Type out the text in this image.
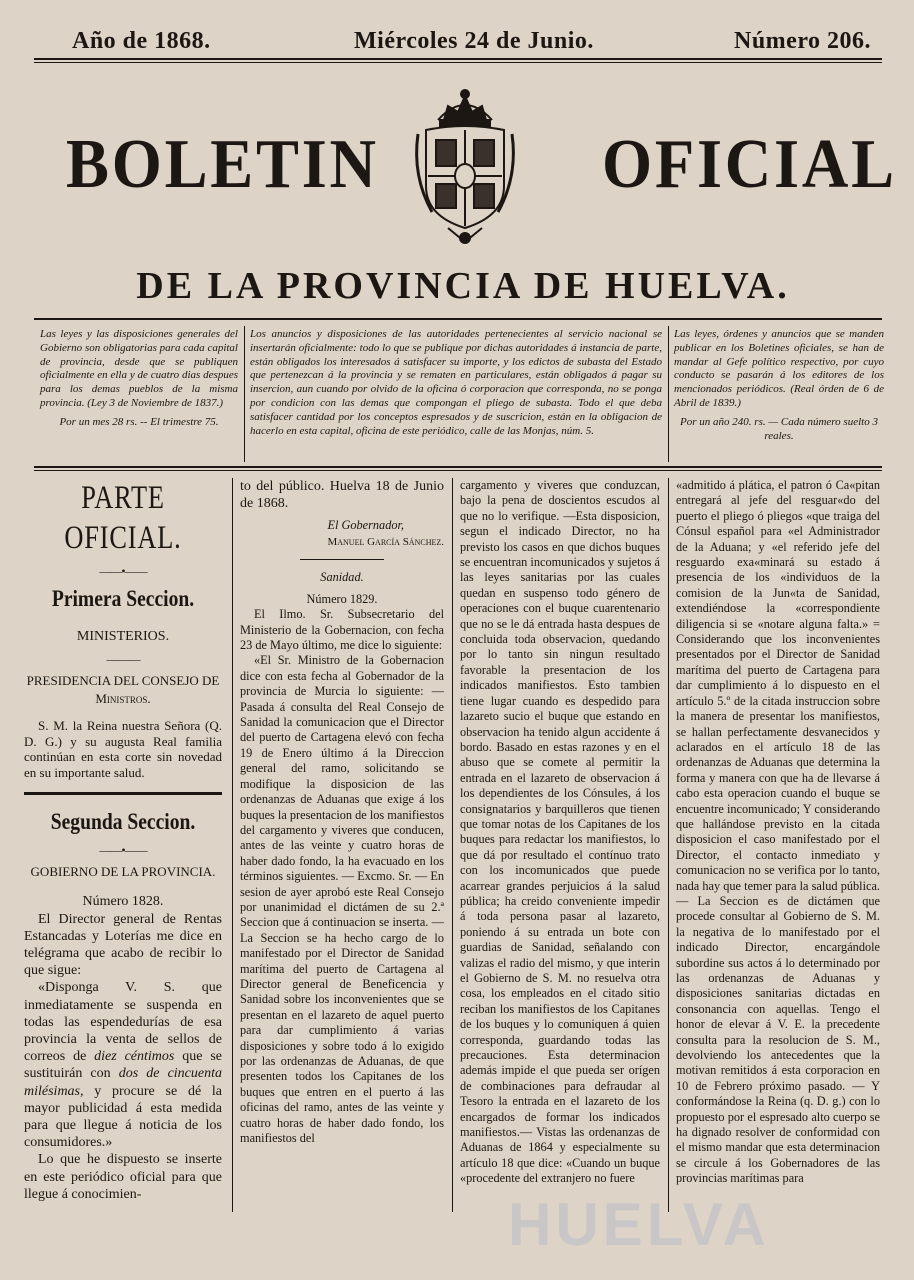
Año de 1868.	Miércoles 24 de Junio.	Número 206.
BOLETIN	OFICIAL
DE LA PROVINCIA DE HUELVA.

Las leyes y las disposiciones generales del Gobierno son obligatorias para cada capital de provincia, desde que se publiquen oficialmente en ella y de cuatro dias despues para los demas pueblos de la misma provincia. (Ley 3 de Noviembre de 1837.)

Por un mes 28 rs. -- El trimestre 75.

Los anuncios y disposiciones de las autoridades pertenecientes al servicio nacional se insertarán oficialmente: todo lo que se publique por dichas autoridades á instancia de parte, están obligados los interesados á satisfacer su importe, y los edictos de subasta del Estado que pertenezcan á la provincia y se rematen en particulares, están obligados á pagar su insercion, aun cuando por olvido de la oficina ó corporacion que corresponda, no se ponga por condicion con las demas que compongan el pliego de subasta. Todo el que deba satisfacer cantidad por los conceptos espresados y de suscricion, están en la obligacion de hacerlo en esta capital, oficina de este periódico, calle de las Monjas, núm. 5.

Las leyes, órdenes y anuncios que se manden publicar en los Boletines oficiales, se han de mandar al Gefe político respectivo, por cuyo conducto se pasarán á los editores de los mencionados periódicos. (Real órden de 6 de Abril de 1839.)

Por un año 240. rs. — Cada número suelto 3 reales.

PARTE OFICIAL.
——•——
Primera Seccion.

MINISTERIOS.

———

PRESIDENCIA DEL CONSEJO DE Ministros.

S. M. la Reina nuestra Señora (Q. D. G.) y su augusta Real familia continúan en esta corte sin novedad en su importante salud.

Segunda Seccion.
——•——

GOBIERNO DE LA PROVINCIA.

Número 1828.

El Director general de Rentas Estancadas y Loterías me dice en telégrama que acabo de recibir lo que sigue:

«Disponga V. S. que inmediatamente se suspenda en todas las espendedurías de esa provincia la venta de sellos de correos de diez céntimos que se sustituirán con dos de cincuenta milésimas, y procure se dé la mayor publicidad á esta medida para que llegue á noticia de los consumidores.»

Lo que he dispuesto se inserte en este periódico oficial para que llegue á conocimien-

to del público. Huelva 18 de Junio de 1868.

El Gobernador,

Manuel García Sánchez.

Sanidad.

Número 1829.

El Ilmo. Sr. Subsecretario del Ministerio de la Gobernacion, con fecha 23 de Mayo último, me dice lo siguiente:

«El Sr. Ministro de la Gobernacion dice con esta fecha al Gobernador de la provincia de Murcia lo siguiente: —Pasada á consulta del Real Consejo de Sanidad la comunicacion que el Director del puerto de Cartagena elevó con fecha 19 de Enero último á la Direccion general del ramo, solicitando se modifique la disposicion de las ordenanzas de Aduanas que exige á los buques la presentacion de los manifiestos del cargamento y viveres que conducen, antes de las veinte y cuatro horas de haber dado fondo, la ha evacuado en los términos siguientes. — Excmo. Sr. — En sesion de ayer aprobó este Real Consejo por unanimidad el dictámen de su 2.ª Seccion que á continuacion se inserta. —La Seccion se ha hecho cargo de lo manifestado por el Director de Sanidad marítima del puerto de Cartagena al Director general de Beneficencia y Sanidad sobre los inconvenientes que se presentan en el lazareto de aquel puerto para dar cumplimiento á varias disposiciones y sobre todo á lo exigido por las ordenanzas de Aduanas, de que presenten todos los Capitanes de los buques que entren en el puerto á las oficinas del ramo, antes de las veinte y cuatro horas de haber dado fondo, los manifiestos del

cargamento y viveres que conduzcan, bajo la pena de doscientos escudos al que no lo verifique. —Esta disposicion, segun el indicado Director, no ha previsto los casos en que dichos buques se encuentran incomunicados y sujetos á las leyes sanitarias por las cuales quedan en suspenso todo género de operaciones con el buque cuarentenario que no se le dá entrada hasta despues de concluida toda observacion, quedando por lo tanto sin ningun resultado favorable la presentacion de los indicados manifiestos. Esto tambien tiene lugar cuando es despedido para lazareto sucio el buque que estando en observacion ha tenido algun accidente á bordo. Basado en estas razones y en el abuso que se comete al permitir la entrada en el lazareto de observacion á los dependientes de los Cónsules, á los consignatarios y barquilleros que tienen que tomar notas de los Capitanes de los buques para redactar los manifiestos, lo que dá por resultado el contínuo trato con los incomunicados que puede acarrear grandes perjuicios á la salud pública; ha creido conveniente impedir á toda persona pasar al lazareto, poniendo á su entrada un bote con guardias de Sanidad, señalando con valizas el radio del mismo, y que interin el Gobierno de S. M. no resuelva otra cosa, los empleados en el citado sitio reciban los manifiestos de los Capitanes de los buques y lo comuniquen á quien corresponda, guardando todas las precauciones. Esta determinacion además impide el que pueda ser orígen de combinaciones para defraudar al Tesoro la entrada en el lazareto de los encargados de formar los indicados manifiestos.— Vistas las ordenanzas de Aduanas de 1864 y especialmente su artículo 18 que dice: «Cuando un buque «procedente del extranjero no fuere

«admitido á plática, el patron ó Ca«pitan entregará al jefe del resguar«do del puerto el pliego ó pliegos «que traiga del Cónsul español para «el Administrador de la Aduana; y «el referido jefe del resguardo exa«minará su estado á presencia de los «individuos de la comision de la Jun«ta de Sanidad, extendiéndose la «correspondiente diligencia si se «notare alguna falta.» = Considerando que los inconvenientes presentados por el Director de Sanidad marítima del puerto de Cartagena para dar cumplimiento á lo dispuesto en el artículo 5.º de la citada instruccion sobre la manera de presentar los manifiestos, se hallan perfectamente desvanecidos y aclarados en el artículo 18 de las ordenanzas de Aduanas que determina la forma y manera con que ha de llevarse á cabo esta operacion cuando el buque se encuentre incomunicado; Y considerando que hallándose previsto en la citada disposicion el caso manifestado por el Director, el contacto inmediato y comunicacion no se verifica por lo tanto, nada hay que temer para la salud pública. — La Seccion es de dictámen que procede consultar al Gobierno de S. M. la negativa de lo manifestado por el indicado Director, encargándole subordine sus actos á lo determinado por las ordenanzas de Aduanas y disposiciones sanitarias dictadas en consonancia con aquellas. Tengo el honor de elevar á V. E. la precedente consulta para la resolucion de S. M., devolviendo los antecedentes que la motivan remitidos á esta corporacion en 10 de Febrero próximo pasado. — Y conformándose la Reina (q. D. g.) con lo propuesto por el espresado alto cuerpo se ha dignado resolver de conformidad con el mismo mandar que esta determinacion se circule á los Gobernadores de las provincias marítimas para

HUELVA
